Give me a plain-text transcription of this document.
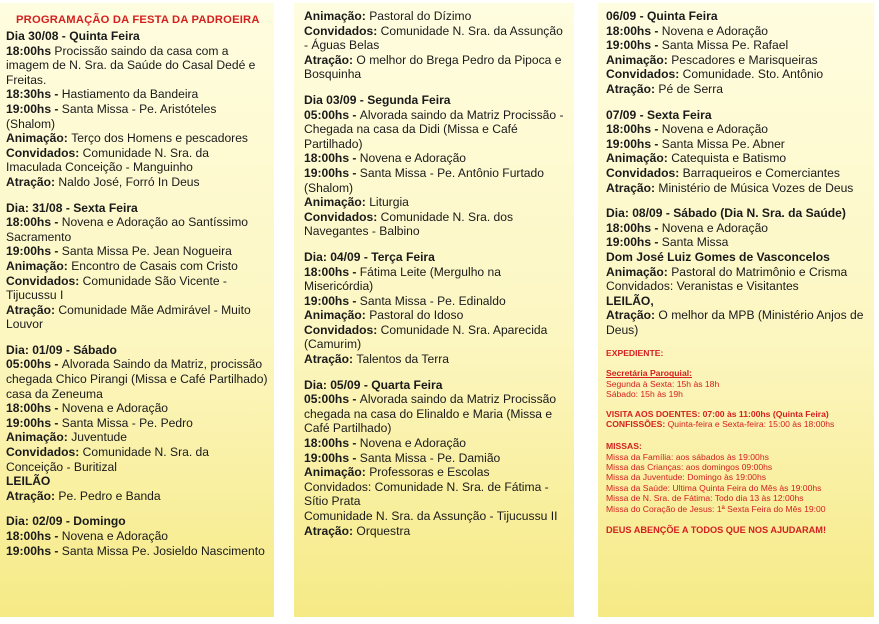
PROGRAMAÇÃO DA FESTA DA PADROEIRA
Dia 30/08 - Quinta Feira
18:00hs Procissão saindo da casa com a imagem de N. Sra. da Saúde do Casal Dedé e Freitas.
18:30hs - Hastiamento da Bandeira
19:00hs - Santa Missa - Pe. Aristóteles (Shalom)
Animação: Terço dos Homens e pescadores
Convidados: Comunidade N. Sra. da Imaculada Conceição - Manguinho
Atração: Naldo José, Forró In Deus
Dia: 31/08 - Sexta Feira
18:00hs - Novena e Adoração ao Santíssimo Sacramento
19:00hs - Santa Missa Pe. Jean Nogueira
Animação: Encontro de Casais com Cristo
Convidados: Comunidade São Vicente - Tijucussu I
Atração: Comunidade Mãe Admirável - Muito Louvor
Dia: 01/09 - Sábado
05:00hs - Alvorada Saindo da Matriz, procissão chegada Chico Pirangi (Missa e Café Partilhado) casa da Zeneuma
18:00hs - Novena e Adoração
19:00hs - Santa Missa - Pe. Pedro
Animação: Juventude
Convidados: Comunidade N. Sra. da Conceição - Buritizal
LEILÃO
Atração: Pe. Pedro e Banda
Dia: 02/09 - Domingo
18:00hs - Novena e Adoração
19:00hs - Santa Missa Pe. Josieldo Nascimento
Animação: Pastoral do Dízimo
Convidados: Comunidade N. Sra. da Assunção - Águas Belas
Atração: O melhor do Brega Pedro da Pipoca e Bosquinha
Dia 03/09 - Segunda Feira
05:00hs - Alvorada saindo da Matriz Procissão - Chegada na casa da Didi (Missa e Café Partilhado)
18:00hs - Novena e Adoração
19:00hs - Santa Missa - Pe. Antônio Furtado (Shalom)
Animação: Liturgia
Convidados: Comunidade N. Sra. dos Navegantes - Balbino
Dia: 04/09 - Terça Feira
18:00hs - Fátima Leite (Mergulho na Misericórdia)
19:00hs - Santa Missa - Pe. Edinaldo
Animação: Pastoral do Idoso
Convidados: Comunidade N. Sra. Aparecida (Camurim)
Atração: Talentos da Terra
Dia: 05/09 - Quarta Feira
05:00hs - Alvorada saindo da Matriz Procissão chegada na casa do Elinaldo e Maria (Missa e Café Partilhado)
18:00hs - Novena e Adoração
19:00hs - Santa Missa - Pe. Damião
Animação: Professoras e Escolas
Convidados: Comunidade N. Sra. de Fátima - Sítio Prata
Comunidade N. Sra. da Assunção - Tijucussu II
Atração: Orquestra
06/09 - Quinta Feira
18:00hs - Novena e Adoração
19:00hs - Santa Missa Pe. Rafael
Animação: Pescadores e Marisqueiras
Convidados: Comunidade. Sto. Antônio
Atração: Pé de Serra
07/09 - Sexta Feira
18:00hs - Novena e Adoração
19:00hs - Santa Missa Pe. Abner
Animação: Catequista e Batismo
Convidados: Barraqueiros e Comerciantes
Atração: Ministério de Música Vozes de Deus
Dia: 08/09 - Sábado (Dia N. Sra. da Saúde)
18:00hs - Novena e Adoração
19:00hs - Santa Missa
Dom José Luiz Gomes de Vasconcelos
Animação: Pastoral do Matrimônio e Crisma
Convidados: Veranistas e Visitantes
LEILÃO,
Atração: O melhor da MPB (Ministério Anjos de Deus)
EXPEDIENTE:
Secretária Paroquial:
Segunda à Sexta: 15h às 18h
Sábado: 15h às 19h
VISITA AOS DOENTES: 07:00 às 11:00hs (Quinta Feira)
CONFISSÕES: Quinta-feira e Sexta-feira: 15:00 às 18:00hs
MISSAS:
Missa da Família: aos sábados às 19:00hs
Missa das Crianças: aos domingos 09:00hs
Missa da Juventude: Domingo às 19:00hs
Missa da Saúde: Ultima Quinta Feira do Mês às 19:00hs
Missa de N. Sra. de Fátima: Todo dia 13 às 12:00hs
Missa do Coração de Jesus: 1ª Sexta Feira do Mês 19:00
DEUS ABENÇÕE A TODOS QUE NOS AJUDARAM!
